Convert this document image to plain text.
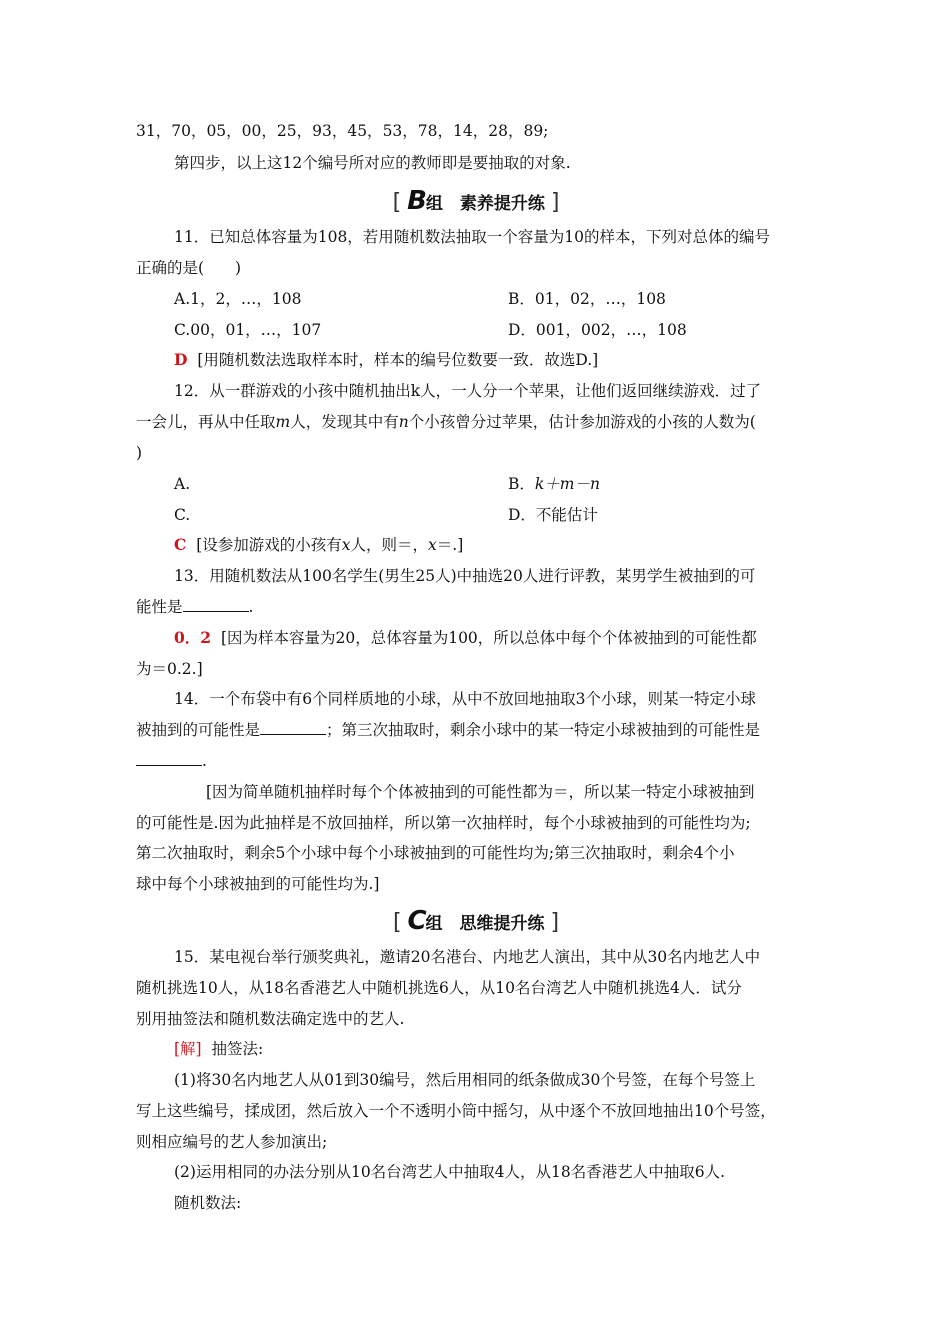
31，70，05，00，25，93，45，53，78，14，28，89;
第四步，以上这12个编号所对应的教师即是要抽取的对象.
[ B组　素养提升练 ]
11．已知总体容量为108，若用随机数法抽取一个容量为10的样本，下列对总体的编号
正确的是(　　)
A.1，2，…，108	B．01，02，…，108
C.00，01，…，107	D．001，002，…，108
D [用随机数法选取样本时，样本的编号位数要一致．故选D.]
12．从一群游戏的小孩中随机抽出k人，一人分一个苹果，让他们返回继续游戏．过了
一会儿，再从中任取m人，发现其中有n个小孩曾分过苹果，估计参加游戏的小孩的人数为(
)
A.	B．k＋m－n
C.	D．不能估计
C [设参加游戏的小孩有x人，则＝，x＝.]
13．用随机数法从100名学生(男生25人)中抽选20人进行评教，某男学生被抽到的可
能性是	.
0．2 [因为样本容量为20，总体容量为100，所以总体中每个个体被抽到的可能性都
为＝0.2.]
14．一个布袋中有6个同样质地的小球，从中不放回地抽取3个小球，则某一特定小球
被抽到的可能性是	；第三次抽取时，剩余小球中的某一特定小球被抽到的可能性是
.
[因为简单随机抽样时每个个体被抽到的可能性都为＝，所以某一特定小球被抽到
的可能性是.因为此抽样是不放回抽样，所以第一次抽样时，每个小球被抽到的可能性均为;
第二次抽取时，剩余5个小球中每个小球被抽到的可能性均为;第三次抽取时，剩余4个小
球中每个小球被抽到的可能性均为.]
[ C组　思维提升练 ]
15．某电视台举行颁奖典礼，邀请20名港台、内地艺人演出，其中从30名内地艺人中
随机挑选10人，从18名香港艺人中随机挑选6人，从10名台湾艺人中随机挑选4人．试分
别用抽签法和随机数法确定选中的艺人.
[解] 抽签法:
(1)将30名内地艺人从01到30编号，然后用相同的纸条做成30个号签，在每个号签上
写上这些编号，揉成团，然后放入一个不透明小筒中摇匀，从中逐个不放回地抽出10个号签，
则相应编号的艺人参加演出;
(2)运用相同的办法分别从10名台湾艺人中抽取4人，从18名香港艺人中抽取6人.
随机数法:
